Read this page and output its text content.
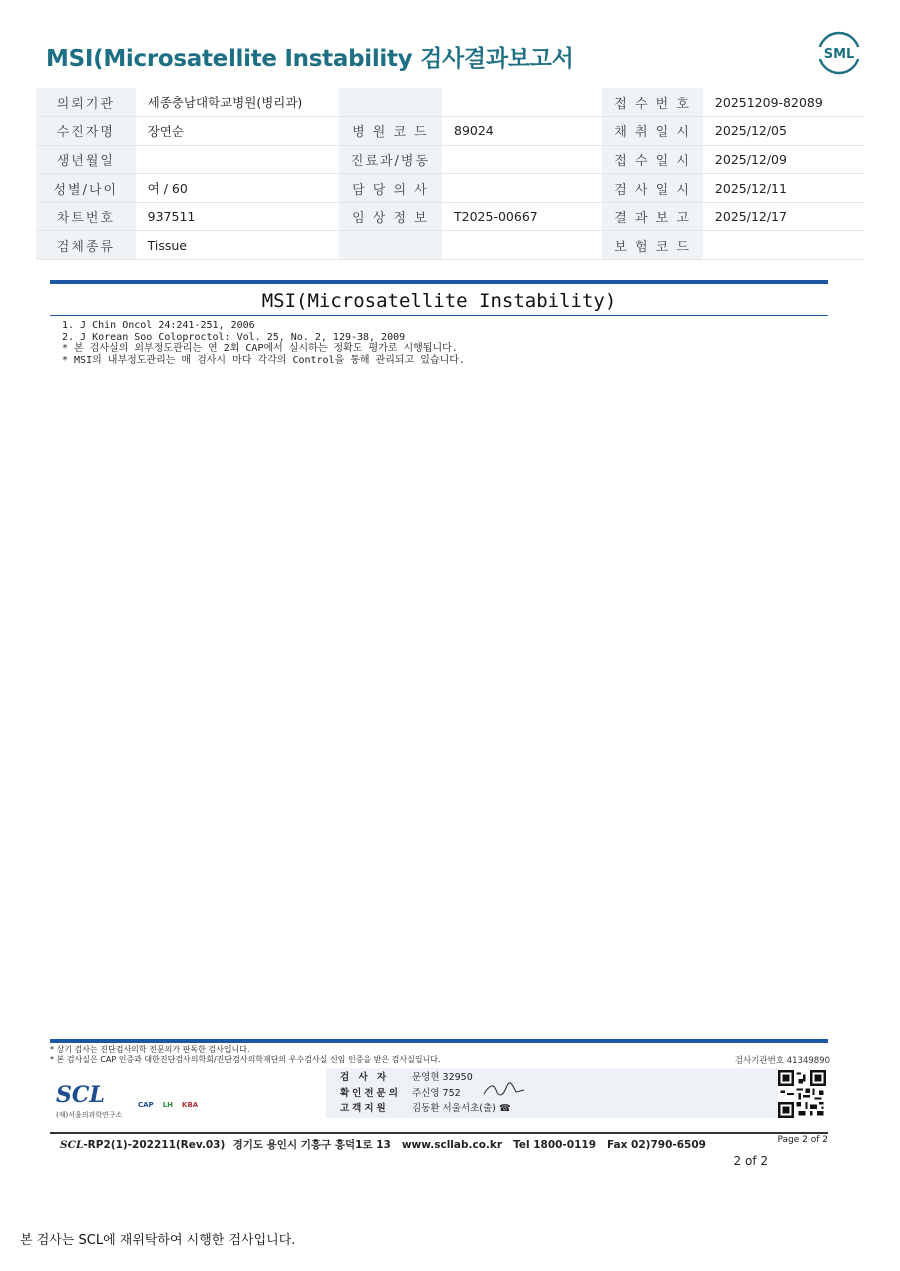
MSI(Microsatellite Instability 검사결과보고서	SML
의뢰기관	세종충남대학교병원(병리과)			접 수 번 호	20251209-82089
수진자명	장연순	병 원 코 드	89024	채 취 일 시	2025/12/05
생년월일		진료과/병동		접 수 일 시	2025/12/09
성별/나이	여 / 60	담 당 의 사		검 사 일 시	2025/12/11
차트번호	937511	임 상 정 보	T2025-00667	결 과 보 고	2025/12/17
검체종류	Tissue			보 험 코 드	
MSI(Microsatellite Instability)
1. J Chin Oncol 24:241-251, 2006
2. J Korean Soo Coloproctol: Vol. 25, No. 2, 129-38, 2009
* 본 검사실의 외부정도관리는 연 2회 CAP에서 실시하는 정확도 평가로 시행됩니다.
* MSI의 내부정도관리는 매 검사시 마다 각각의 Control을 통해 관리되고 있습니다.
* 상기 검사는 진단검사의학 전문의가 판독한 검사입니다.
* 본 검사실은 CAP 인증과 대한진단검사의학회/진단검사의학재단의 우수검사실 신임 인증을 받은 검사실입니다.	검사기관번호 41349890
SCL
(재)서울의과학연구소
CAP LH KBA
검 사 자	문영현 32950
확인전문의	주신영 752
고객지원	김동환 서울서초(출) ☎
SCL-RP2(1)-202211(Rev.03) 경기도 용인시 기흥구 흥덕1로 13 www.scllab.co.kr Tel 1800-0119 Fax 02)790-6509	Page 2 of 2
2 of 2
본 검사는 SCL에 재위탁하여 시행한 검사입니다.
